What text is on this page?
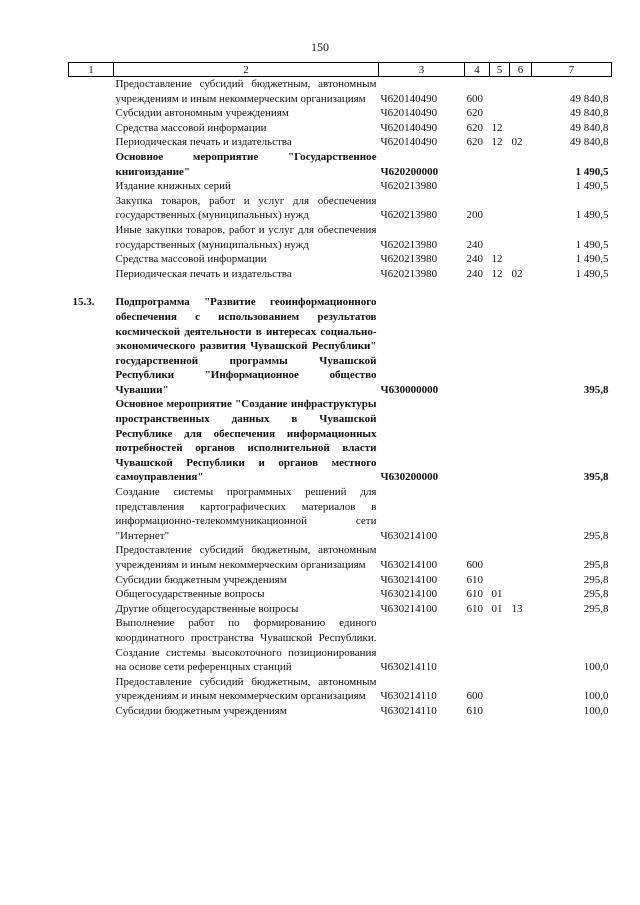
150
1	2	3	4	5	6	7
	Предоставление субсидий бюджетным, автономным учреждениям и иным некоммерческим организациям	Ч620140490	600			49 840,8
	Субсидии автономным учреждениям	Ч620140490	620			49 840,8
	Средства массовой информации	Ч620140490	620	12		49 840,8
	Периодическая печать и издательства	Ч620140490	620	12	02	49 840,8
	Основное мероприятие "Государственное книгоиздание"	Ч620200000				1 490,5
	Издание книжных серий	Ч620213980				1 490,5
	Закупка товаров, работ и услуг для обеспечения государственных (муниципальных) нужд	Ч620213980	200			1 490,5
	Иные закупки товаров, работ и услуг для обеспечения государственных (муниципальных) нужд	Ч620213980	240			1 490,5
	Средства массовой информации	Ч620213980	240	12		1 490,5
	Периодическая печать и издательства	Ч620213980	240	12	02	1 490,5

15.3.	Подпрограмма "Развитие геоинформационного обеспечения с использованием результатов космической деятельности в интересах социально-экономического развития Чувашской Республики" государственной программы Чувашской Республики "Информационное общество Чувашии"	Ч630000000				395,8
	Основное мероприятие "Создание инфраструктуры пространственных данных в Чувашской Республике для обеспечения информационных потребностей органов исполнительной власти Чувашской Республики и органов местного самоуправления"	Ч630200000				395,8
	Создание системы программных решений для представления картографических материалов в информационно-телекоммуникационной сети "Интернет"	Ч630214100				295,8
	Предоставление субсидий бюджетным, автономным учреждениям и иным некоммерческим организациям	Ч630214100	600			295,8
	Субсидии бюджетным учреждениям	Ч630214100	610			295,8
	Общегосударственные вопросы	Ч630214100	610	01		295,8
	Другие общегосударственные вопросы	Ч630214100	610	01	13	295,8
	Выполнение работ по формированию единого координатного пространства Чувашской Республики. Создание системы высокоточного позиционирования на основе сети референцных станций	Ч630214110				100,0
	Предоставление субсидий бюджетным, автономным учреждениям и иным некоммерческим организациям	Ч630214110	600			100,0
	Субсидии бюджетным учреждениям	Ч630214110	610			100,0
